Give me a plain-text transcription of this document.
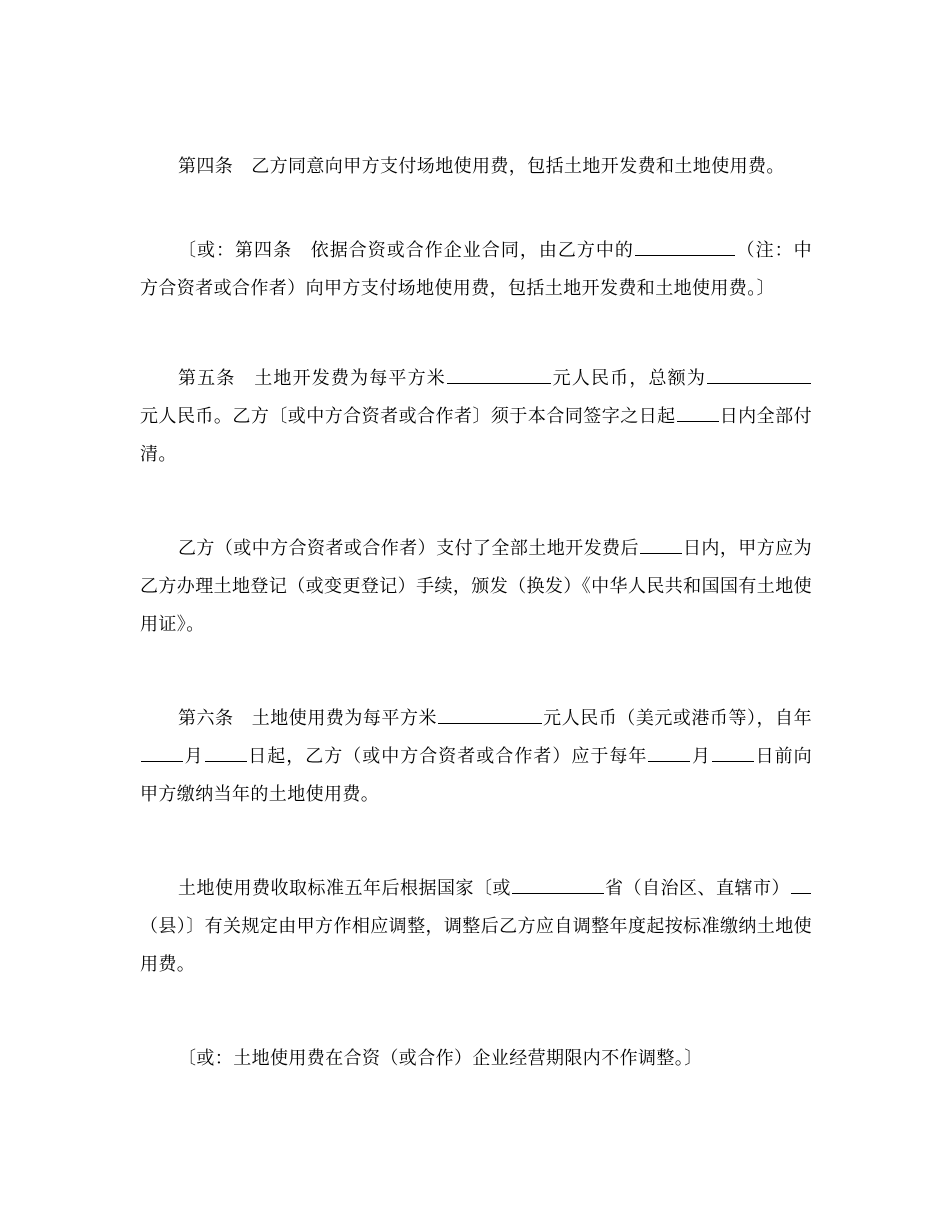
第四条 乙方同意向甲方支付场地使用费，包括土地开发费和土地使用费。
〔或：第四条 依据合资或合作企业合同，由乙方中的	（注：中方合资者或合作者）向甲方支付场地使用费，包括土地开发费和土地使用费。〕
第五条 土地开发费为每平方米	元人民币，总额为元人民币。乙方〔或中方合资者或合作者〕须于本合同签字之日起 日内全部付清。
乙方（或中方合资者或合作者）支付了全部土地开发费后 日内，甲方应为乙方办理土地登记（或变更登记）手续，颁发（换发）《中华人民共和国国有土地使用证》。
第六条 土地使用费为每平方米	元人民币（美元或港币等），自年月 日起，乙方（或中方合资者或合作者）应于每年 月 日前向甲方缴纳当年的土地使用费。
土地使用费收取标准五年后根据国家〔或	省（自治区、直辖市）（县）〕有关规定由甲方作相应调整，调整后乙方应自调整年度起按标准缴纳土地使用费。
〔或：土地使用费在合资（或合作）企业经营期限内不作调整。〕
